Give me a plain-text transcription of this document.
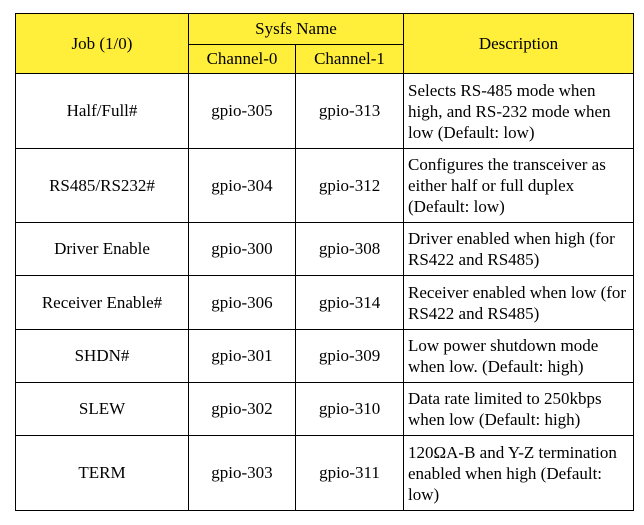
Job (1/0)	Sysfs Name		Description
	Channel-0	Channel-1	
Half/Full#	gpio-305	gpio-313	Selects RS-485 mode when high, and RS-232 mode when low (Default: low)
RS485/RS232#	gpio-304	gpio-312	Configures the transceiver as either half or full duplex (Default: low)
Driver Enable	gpio-300	gpio-308	Driver enabled when high (for RS422 and RS485)
Receiver Enable#	gpio-306	gpio-314	Receiver enabled when low (for RS422 and RS485)
SHDN#	gpio-301	gpio-309	Low power shutdown mode when low. (Default: high)
SLEW	gpio-302	gpio-310	Data rate limited to 250kbps when low (Default: high)
TERM	gpio-303	gpio-311	120ΩA-B and Y-Z termination enabled when high (Default: low)
